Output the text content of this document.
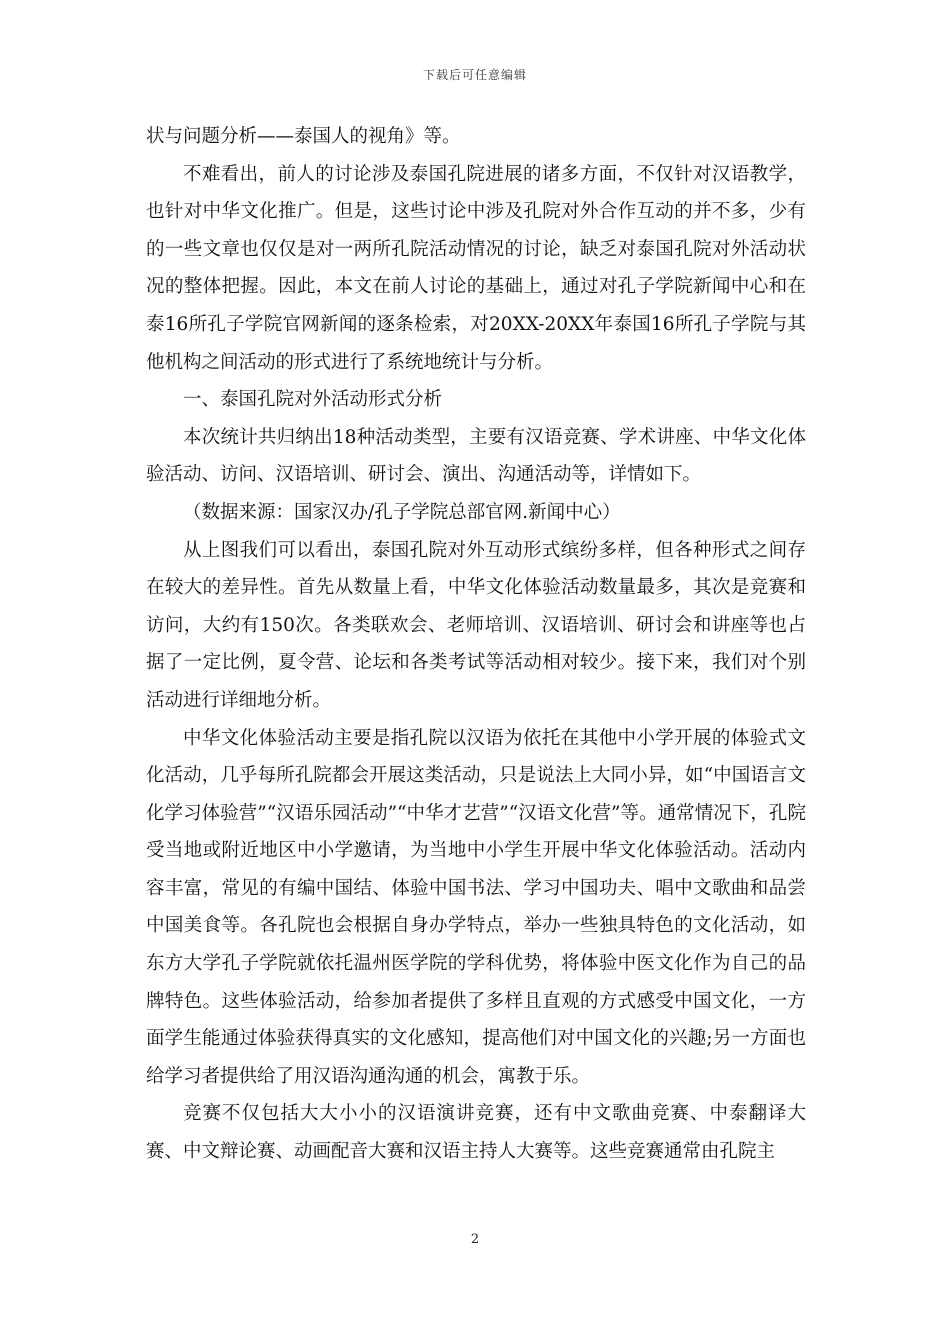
下载后可任意编辑

状与问题分析——泰国人的视角》等。

不难看出，前人的讨论涉及泰国孔院进展的诸多方面，不仅针对汉语教学，也针对中华文化推广。但是，这些讨论中涉及孔院对外合作互动的并不多，少有的一些文章也仅仅是对一两所孔院活动情况的讨论，缺乏对泰国孔院对外活动状况的整体把握。因此，本文在前人讨论的基础上，通过对孔子学院新闻中心和在泰16所孔子学院官网新闻的逐条检索，对20XX-20XX年泰国16所孔子学院与其他机构之间活动的形式进行了系统地统计与分析。

一、泰国孔院对外活动形式分析

本次统计共归纳出18种活动类型，主要有汉语竞赛、学术讲座、中华文化体验活动、访问、汉语培训、研讨会、演出、沟通活动等，详情如下。

（数据来源：国家汉办/孔子学院总部官网.新闻中心）

从上图我们可以看出，泰国孔院对外互动形式缤纷多样，但各种形式之间存在较大的差异性。首先从数量上看，中华文化体验活动数量最多，其次是竞赛和访问，大约有150次。各类联欢会、老师培训、汉语培训、研讨会和讲座等也占据了一定比例，夏令营、论坛和各类考试等活动相对较少。接下来，我们对个别活动进行详细地分析。

中华文化体验活动主要是指孔院以汉语为依托在其他中小学开展的体验式文化活动，几乎每所孔院都会开展这类活动，只是说法上大同小异，如“中国语言文化学习体验营”“汉语乐园活动”“中华才艺营”“汉语文化营”等。通常情况下，孔院受当地或附近地区中小学邀请，为当地中小学生开展中华文化体验活动。活动内容丰富，常见的有编中国结、体验中国书法、学习中国功夫、唱中文歌曲和品尝中国美食等。各孔院也会根据自身办学特点，举办一些独具特色的文化活动，如东方大学孔子学院就依托温州医学院的学科优势，将体验中医文化作为自己的品牌特色。这些体验活动，给参加者提供了多样且直观的方式感受中国文化，一方面学生能通过体验获得真实的文化感知，提高他们对中国文化的兴趣;另一方面也给学习者提供给了用汉语沟通沟通的机会，寓教于乐。

竞赛不仅包括大大小小的汉语演讲竞赛，还有中文歌曲竞赛、中泰翻译大赛、中文辩论赛、动画配音大赛和汉语主持人大赛等。这些竞赛通常由孔院主

2
